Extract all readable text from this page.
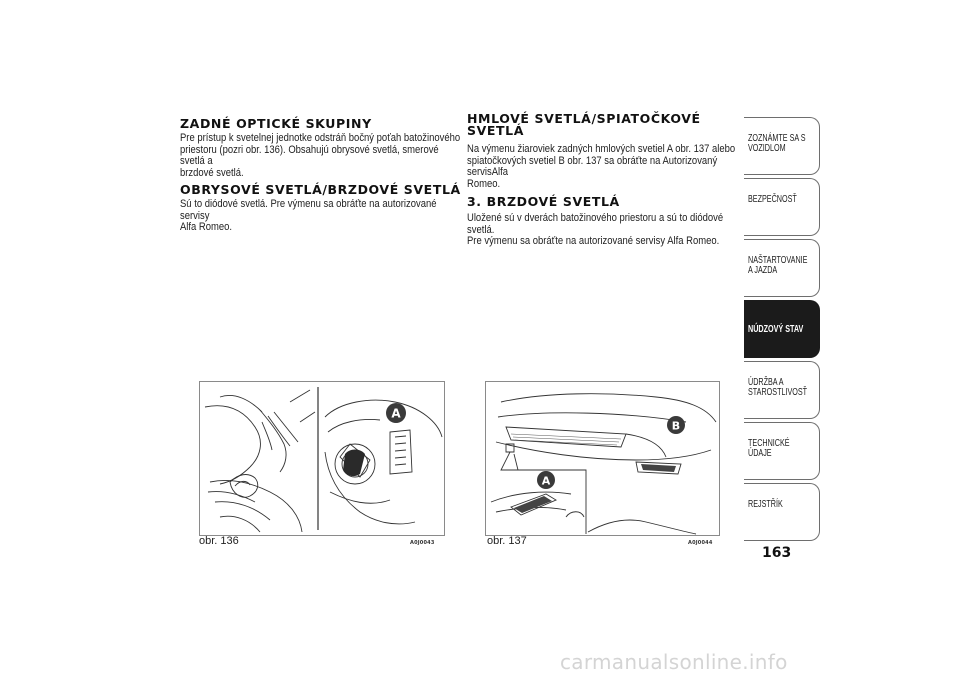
ZADNÉ OPTICKÉ SKUPINY

Pre prístup k svetelnej jednotke odstráň bočný poťah batožinového
priestoru (pozri obr. 136). Obsahujú obrysové svetlá, smerové svetlá a
brzdové svetlá.

OBRYSOVÉ SVETLÁ/BRZDOVÉ SVETLÁ

Sú to diódové svetlá. Pre výmenu sa obráťte na autorizované servisy
Alfa Romeo.

HMLOVÉ SVETLÁ/SPIATOČKOVÉ
SVETLÁ

Na výmenu žiaroviek zadných hmlových svetiel A obr. 137 alebo
spiatočkových svetiel B obr. 137 sa obráťte na Autorizovaný servisAlfa
Romeo.

3. BRZDOVÉ SVETLÁ

Uložené sú v dverách batožinového priestoru a sú to diódové svetlá.
Pre výmenu sa obráťte na autorizované servisy Alfa Romeo.

A
obr. 136	A0J0043
B
A
obr. 137	A0J0044
ZOZNÁMTE SA S VOZIDLOM
BEZPEČNOSŤ
NAŠTARTOVANIE A JAZDA
NÚDZOVÝ STAV
ÚDRŽBA A STAROSTLIVOSŤ
TECHNICKÉ ÚDAJE
REJSTŘÍK
163
carmanualsonline.info
